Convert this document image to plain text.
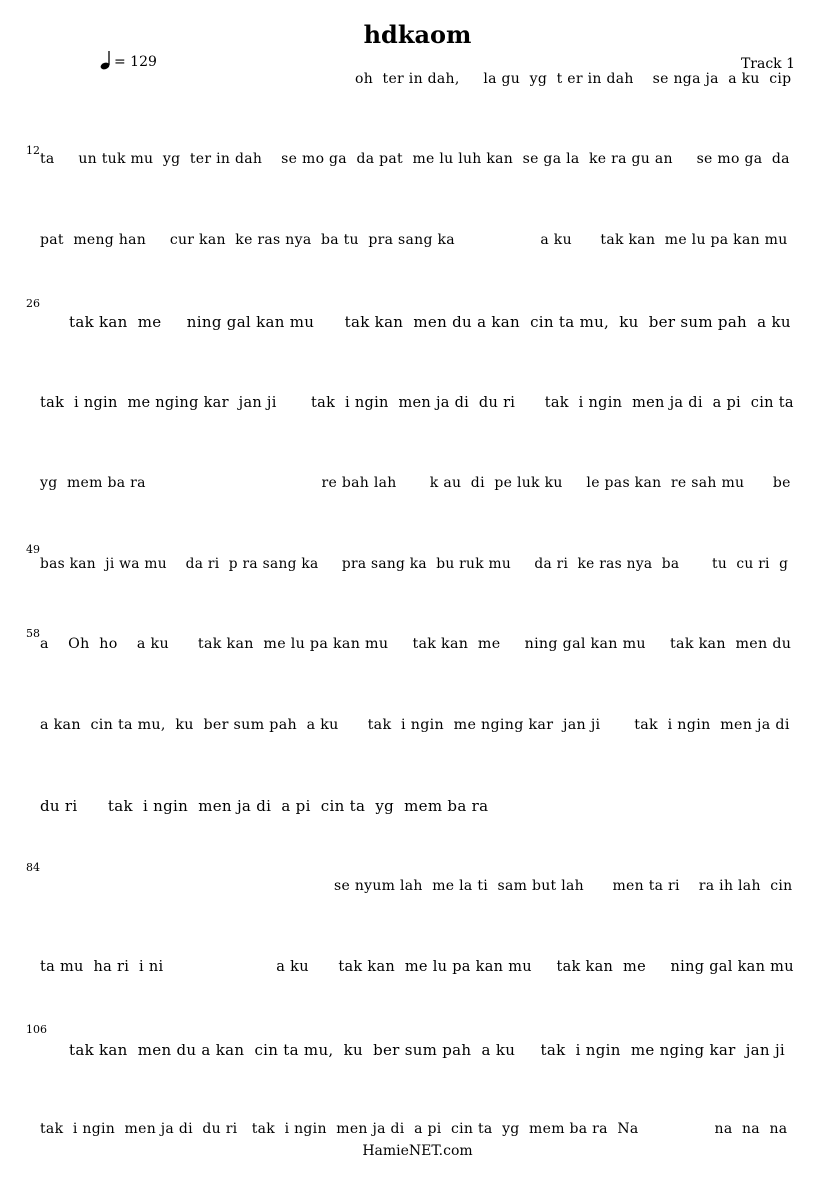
hdkaom
= 129	Track 1
12
26
49
58
84
106
oh  ter in dah,     la gu  yg  t er in dah    se nga ja  a ku  cip
ta     un tuk mu  yg  ter in dah    se mo ga  da pat  me lu luh kan  se ga la  ke ra gu an     se mo ga  da
pat  meng han     cur kan  ke ras nya  ba tu  pra sang ka                  a ku      tak kan  me lu pa kan mu
tak kan  me     ning gal kan mu      tak kan  men du a kan  cin ta mu,  ku  ber sum pah  a ku
tak  i ngin  me nging kar  jan ji       tak  i ngin  men ja di  du ri      tak  i ngin  men ja di  a pi  cin ta
yg  mem ba ra                                     re bah lah       k au  di  pe luk ku     le pas kan  re sah mu      be
bas kan  ji wa mu    da ri  p ra sang ka     pra sang ka  bu ruk mu     da ri  ke ras nya  ba       tu  cu ri  g
a    Oh  ho    a ku      tak kan  me lu pa kan mu     tak kan  me     ning gal kan mu     tak kan  men du
a kan  cin ta mu,  ku  ber sum pah  a ku      tak  i ngin  me nging kar  jan ji       tak  i ngin  men ja di
du ri      tak  i ngin  men ja di  a pi  cin ta  yg  mem ba ra
se nyum lah  me la ti  sam but lah      men ta ri    ra ih lah  cin
ta mu  ha ri  i ni                       a ku      tak kan  me lu pa kan mu     tak kan  me     ning gal kan mu
tak kan  men du a kan  cin ta mu,  ku  ber sum pah  a ku     tak  i ngin  me nging kar  jan ji
tak  i ngin  men ja di  du ri   tak  i ngin  men ja di  a pi  cin ta  yg  mem ba ra  Na                na  na  na
HamieNET.com
